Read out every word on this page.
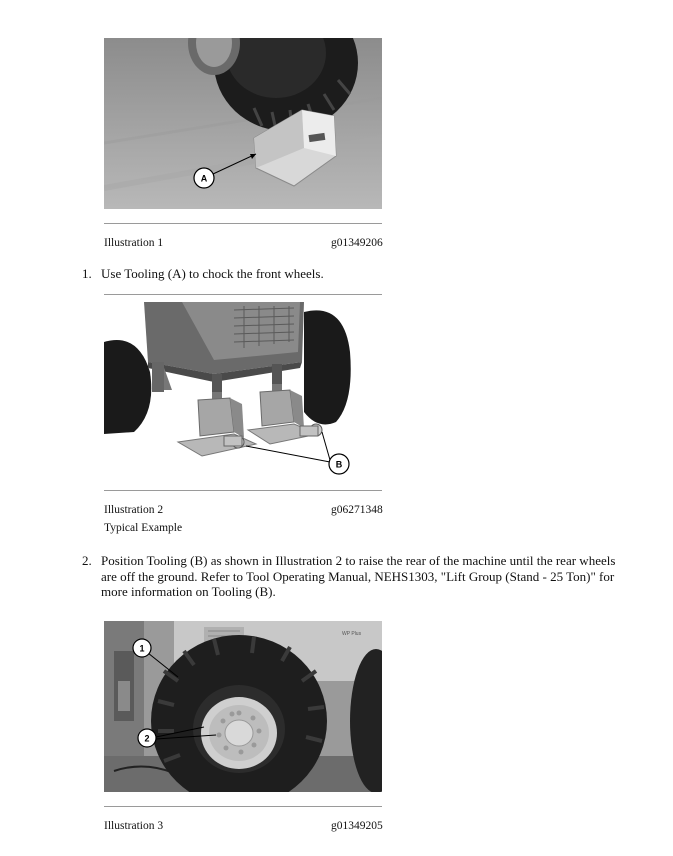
A
Illustration 1	g01349206
1. Use Tooling (A) to chock the front wheels.
B
Illustration 2	g06271348
Typical Example
2. Position Tooling (B) as shown in Illustration 2 to raise the rear of the machine until the rear wheels are off the ground. Refer to Tool Operating Manual, NEHS1303, "Lift Group (Stand - 25 Ton)" for more information on Tooling (B).
WP Plus
1
2
Illustration 3	g01349205
